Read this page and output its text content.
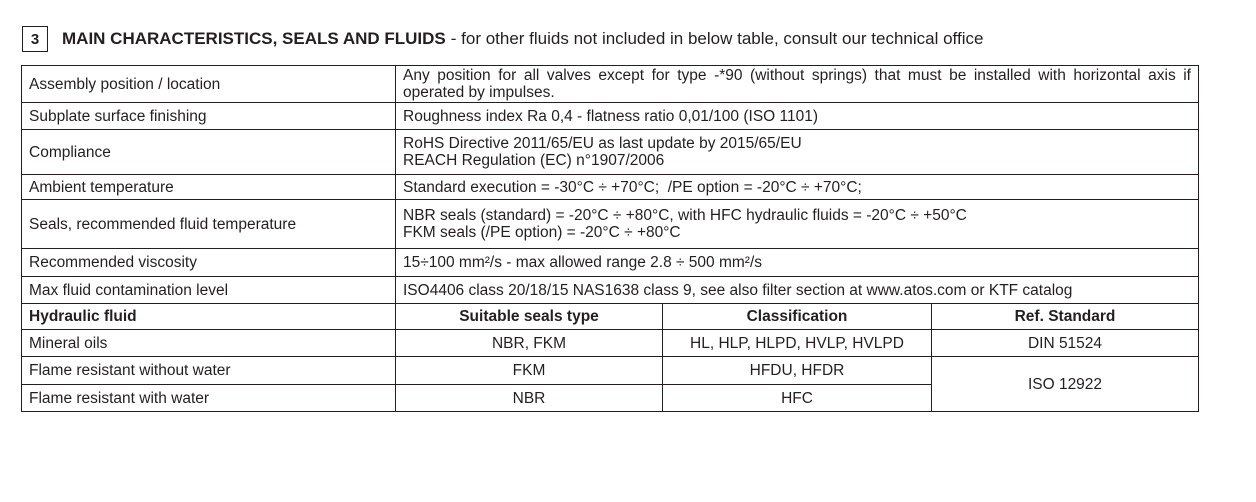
3	MAIN CHARACTERISTICS, SEALS AND FLUIDS - for other fluids not included in below table, consult our technical office
Assembly position / location	Any position for all valves except for type -*90 (without springs) that must be installed with horizontal axis if operated by impulses.		
Subplate surface finishing	Roughness index Ra 0,4 - flatness ratio 0,01/100 (ISO 1101)		
Compliance	RoHS Directive 2011/65/EU as last update by 2015/65/EU
REACH Regulation (EC) n°1907/2006		

Ambient temperature	Standard execution = -30°C ÷ +70°C;  /PE option = -20°C ÷ +70°C;		
Seals, recommended fluid temperature	NBR seals (standard) = -20°C ÷ +80°C, with HFC hydraulic fluids = -20°C ÷ +50°C
FKM seals (/PE option) = -20°C ÷ +80°C		

Recommended viscosity	15÷100 mm²/s - max allowed range 2.8 ÷ 500 mm²/s		
Max fluid contamination level	ISO4406 class 20/18/15 NAS1638 class 9, see also filter section at www.atos.com or KTF catalog		
Hydraulic fluid	Suitable seals type	Classification	Ref. Standard
Mineral oils	NBR, FKM	HL, HLP, HLPD, HVLP, HVLPD	DIN 51524
Flame resistant without water	FKM	HFDU, HFDR	ISO 12922
Flame resistant with water	NBR	HFC	
